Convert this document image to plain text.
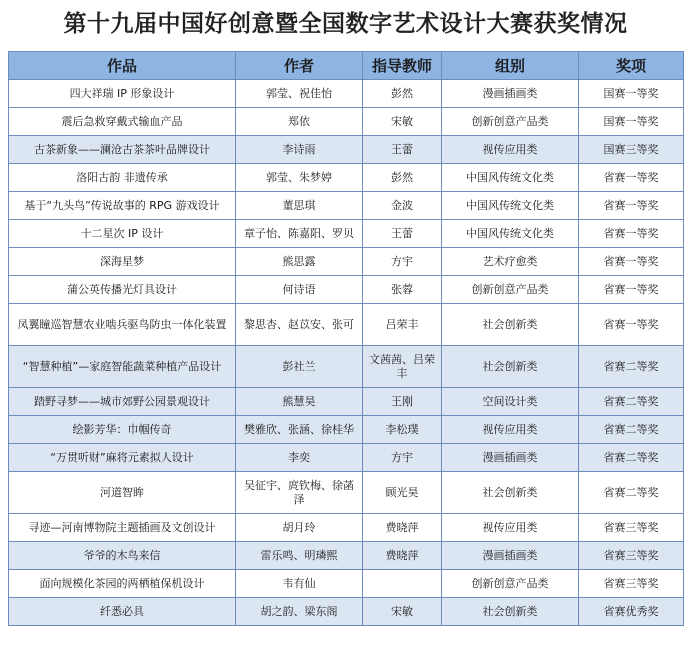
第十九届中国好创意暨全国数字艺术设计大赛获奖情况
作品	作者	指导教师	组别	奖项
四大祥瑞 IP 形象设计	郭莹、祝佳怡	彭然	漫画插画类	国赛一等奖
震后急救穿戴式输血产品	郑依	宋敏	创新创意产品类	国赛一等奖
古茶新象——澜沧古茶茶叶品牌设计	李诗雨	王蕾	视传应用类	国赛三等奖
洛阳古韵 非遗传承	郭莹、朱梦婷	彭然	中国风传统文化类	省赛一等奖
基于“九头鸟”传说故事的 RPG 游戏设计	董思琪	金波	中国风传统文化类	省赛一等奖
十二星次 IP 设计	章子怡、陈嘉阳、罗贝	王蕾	中国风传统文化类	省赛一等奖
深海星梦	熊思露	方宇	艺术疗愈类	省赛一等奖
蒲公英传播光灯具设计	何诗语	张蓉	创新创意产品类	省赛一等奖
凤翼瞳巡智慧农业啮兵驱鸟防虫一体化装置	黎思杏、赵苡安、张可	吕荣丰	社会创新类	省赛一等奖
“智慧种植”—家庭智能蔬菜种植产品设计	彭社兰	文茜茜、吕荣丰	社会创新类	省赛二等奖
踏野寻梦——城市郊野公园景观设计	熊慧昊	王刚	空间设计类	省赛二等奖
绘影芳华：巾帼传奇	樊雅欣、张涵、徐桂华	李松璞	视传应用类	省赛二等奖
“万贯听财”麻将元素拟人设计	李奕	方宇	漫画插画类	省赛二等奖
河道智眸	吴征宇、庹钦梅、徐菡泽	顾光昊	社会创新类	省赛二等奖
寻迹—河南博物院主题插画及文创设计	胡月玲	费晓萍	视传应用类	省赛三等奖
爷爷的木鸟来信	雷乐鸣、明璘熙	费晓萍	漫画插画类	省赛三等奖
面向规模化茶园的两栖植保机设计	韦有仙		创新创意产品类	省赛三等奖
纤悉必具	胡之韵、梁东阁	宋敏	社会创新类	省赛优秀奖
